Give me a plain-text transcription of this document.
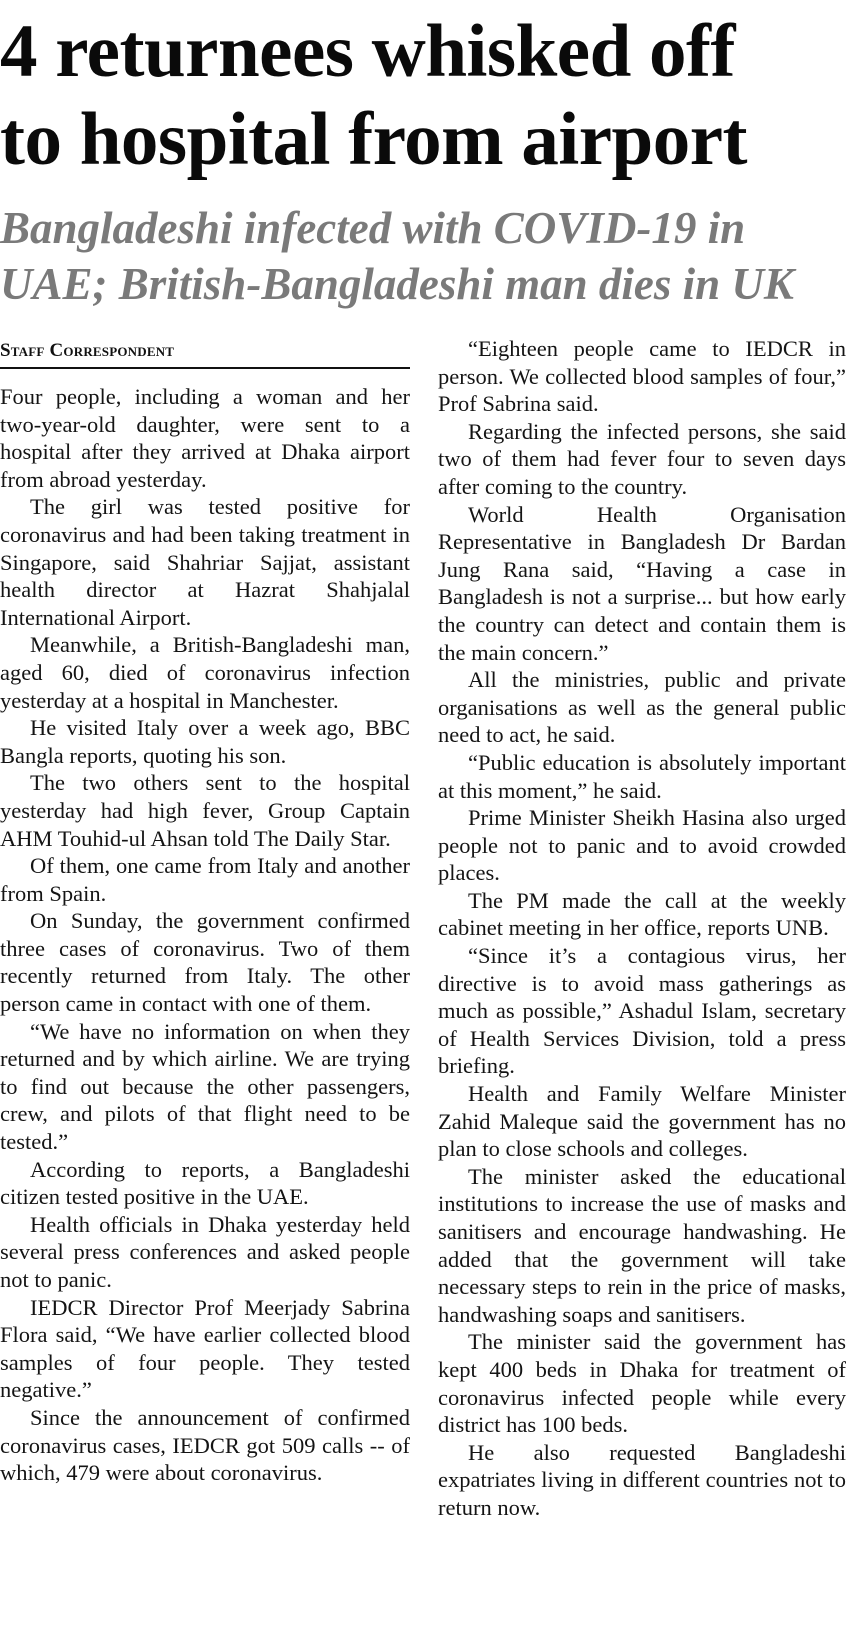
4 returnees whisked off
to hospital from airport
Bangladeshi infected with COVID-19 in
UAE; British-Bangladeshi man dies in UK
Staff Correspondent

Four people, including a woman and her two-year-old daughter, were sent to a hospital after they arrived at Dhaka airport from abroad yesterday.

The girl was tested positive for coronavirus and had been taking treatment in Singapore, said Shahriar Sajjat, assistant health director at Hazrat Shahjalal International Airport.

Meanwhile, a British-Bangladeshi man, aged 60, died of coronavirus infection yesterday at a hospital in Manchester.

He visited Italy over a week ago, BBC Bangla reports, quoting his son.

The two others sent to the hospital yesterday had high fever, Group Captain AHM Touhid-ul Ahsan told The Daily Star.

Of them, one came from Italy and another from Spain.

On Sunday, the government confirmed three cases of coronavirus. Two of them recently returned from Italy. The other person came in contact with one of them.

“We have no information on when they returned and by which airline. We are trying to find out because the other passengers, crew, and pilots of that flight need to be tested.”

According to reports, a Bangladeshi citizen tested positive in the UAE.

Health officials in Dhaka yesterday held several press conferences and asked people not to panic.

IEDCR Director Prof Meerjady Sabrina Flora said, “We have earlier collected blood samples of four people. They tested negative.”

Since the announcement of confirmed coronavirus cases, IEDCR got 509 calls -- of which, 479 were about coronavirus.

“Eighteen people came to IEDCR in person. We collected blood samples of four,” Prof Sabrina said.

Regarding the infected persons, she said two of them had fever four to seven days after coming to the country.

World Health Organisation Representative in Bangladesh Dr Bardan Jung Rana said, “Having a case in Bangladesh is not a surprise... but how early the country can detect and contain them is the main concern.”

All the ministries, public and private organisations as well as the general public need to act, he said.

“Public education is absolutely important at this moment,” he said.

Prime Minister Sheikh Hasina also urged people not to panic and to avoid crowded places.

The PM made the call at the weekly cabinet meeting in her office, reports UNB.

“Since it’s a contagious virus, her directive is to avoid mass gatherings as much as possible,” Ashadul Islam, secretary of Health Services Division, told a press briefing.

Health and Family Welfare Minister Zahid Maleque said the government has no plan to close schools and colleges.

The minister asked the educational institutions to increase the use of masks and sanitisers and encourage handwashing. He added that the government will take necessary steps to rein in the price of masks, handwashing soaps and sanitisers.

The minister said the government has kept 400 beds in Dhaka for treatment of coronavirus infected people while every district has 100 beds.

He also requested Bangladeshi expatriates living in different countries not to return now.
